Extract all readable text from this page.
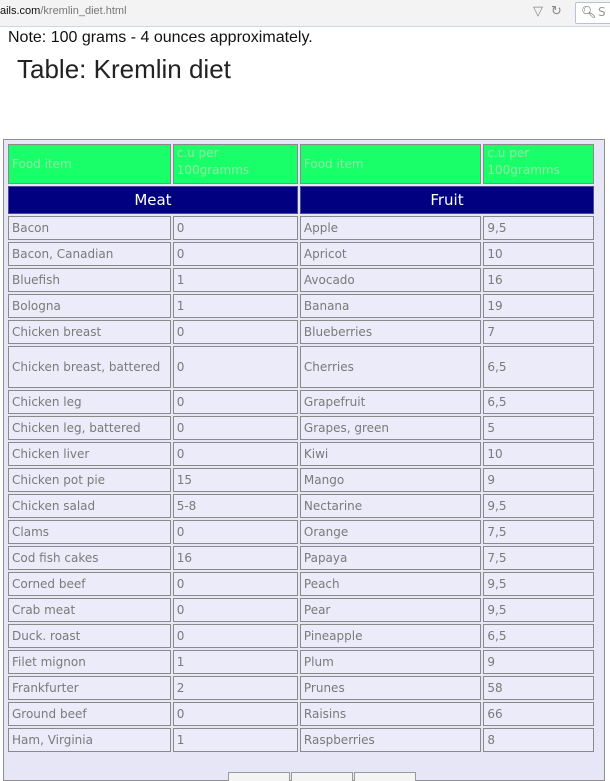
ails.com/kremlin_diet.html	▽ ↻ 🔍︎ S
Note: 100 grams - 4 ounces approximately.
Table: Kremlin diet
Food item	c.u per 100gramms	Food item	c.u per 100gramms
Meat		Fruit	
Bacon	0	Apple	9,5
Bacon, Canadian	0	Apricot	10
Bluefish	1	Avocado	16
Bologna	1	Banana	19
Chicken breast	0	Blueberries	7
Chicken breast, battered	0	Cherries	6,5
Chicken leg	0	Grapefruit	6,5
Chicken leg, battered	0	Grapes, green	5
Chicken liver	0	Kiwi	10
Chicken pot pie	15	Mango	9
Chicken salad	5-8	Nectarine	9,5
Clams	0	Orange	7,5
Cod fish cakes	16	Papaya	7,5
Corned beef	0	Peach	9,5
Crab meat	0	Pear	9,5
Duck. roast	0	Pineapple	6,5
Filet mignon	1	Plum	9
Frankfurter	2	Prunes	58
Ground beef	0	Raisins	66
Ham, Virginia	1	Raspberries	8
